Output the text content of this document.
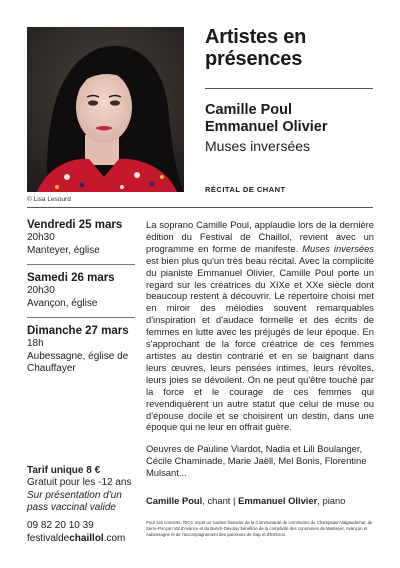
© Lisa Lesourd
Artistes en
présences
Camille Poul
Emmanuel Olivier
Muses inversées
RÉCITAL DE CHANT
Vendredi 25 mars
20h30
Manteyer, église
Samedi 26 mars
20h30
Avançon, église
Dimanche 27 mars
18h
Aubessagne, église de Chauffayer
La soprano Camille Poul, applaudie lors de la dernière édition du Festival de Chaillol, revient avec un programme en forme de manifeste. Muses inversées est bien plus qu'un très beau récital. Avec la complicité du pianiste Emmanuel Olivier, Camille Poul porte un regard sur les créatrices du XIXe et XXe siècle dont beaucoup restent à découvrir. Le répertoire choisi met en miroir des mélodies souvent remarquables d'inspiration et d'audace formelle et des écrits de femmes en lutte avec les préjugés de leur époque. En s'approchant de la force créatrice de ces femmes artistes au destin contrarié et en se baignant dans leurs œuvres, leurs pensées intimes, leurs révoltes, leurs joies se dévoilent. On ne peut qu'être touché par la force et le courage de ces femmes qui revendiquèrent un autre statut que celui de muse ou d'épouse docile et se choisirent un destin, dans une époque qui ne leur en offrait guère.
Oeuvres de Pauline Viardot, Nadia et Lili Boulanger, Cécile Chaminade, Marie Jaëll, Mel Bonis, Florentine Mulsant...
Tarif unique 8 €
Gratuit pour les -12 ans
Sur présentation d'un pass vaccinal valide
09 82 20 10 39
festivaldechaillol.com
Camille Poul, chant | Emmanuel Olivier, piano
Pour ces concerts, l'ECC reçoit un soutien financier de la Communauté de communes du Champsaur-Valgaudemar, de Serre-Ponçon Val d'Avance et du Buëch-Dévoluy bénéficie de la complicité des communes de Manteyer, Avançon et Aubessagne et de l'accompagnement des paroisses de Gap et d'Embrun.
